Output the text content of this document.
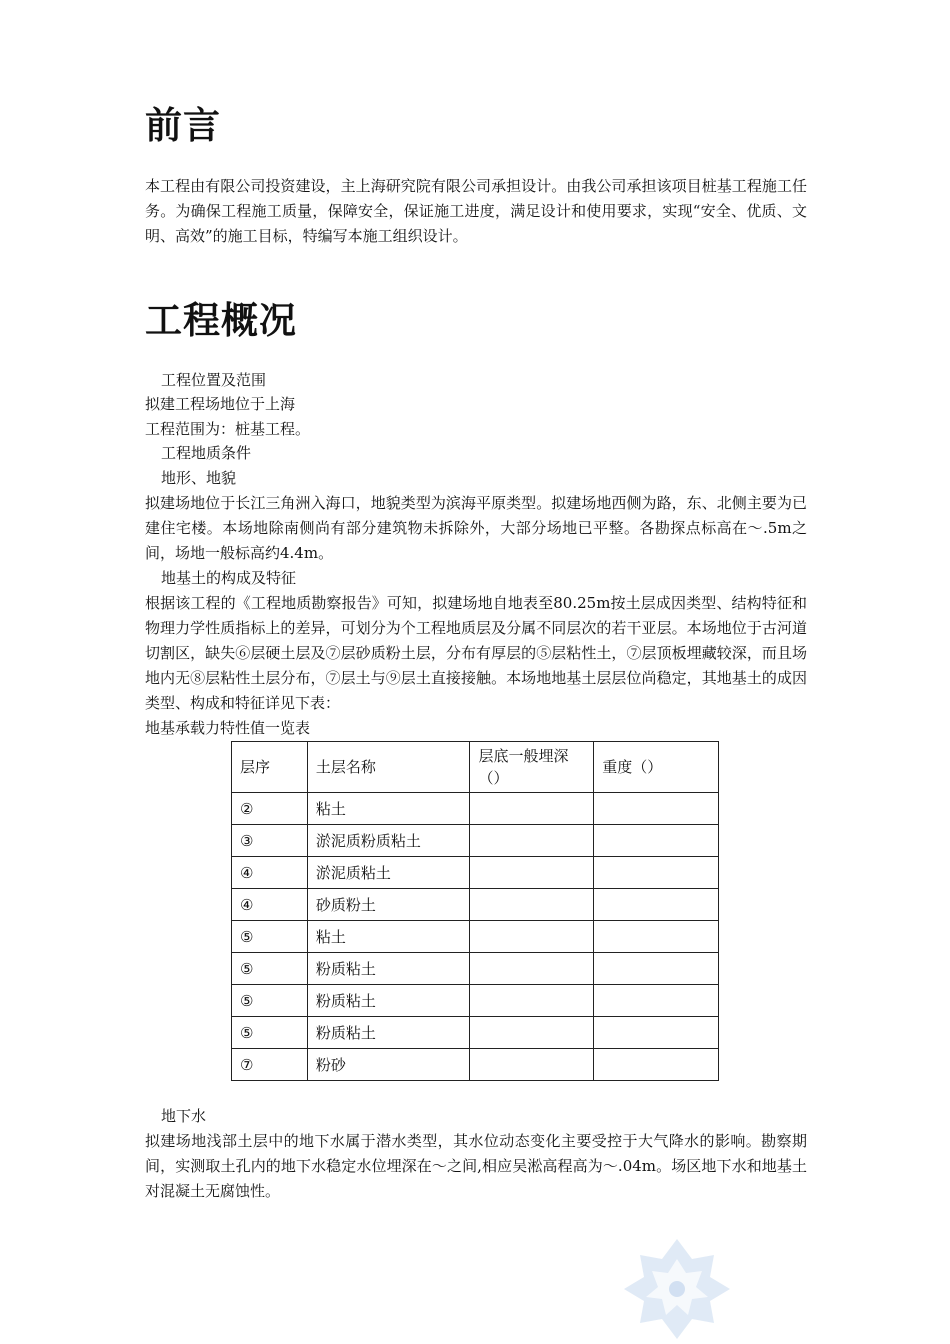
前言

本工程由有限公司投资建设，主上海研究院有限公司承担设计。由我公司承担该项目桩基工程施工任务。为确保工程施工质量，保障安全，保证施工进度，满足设计和使用要求，实现“安全、优质、文明、高效”的施工目标，特编写本施工组织设计。

工程概况

工程位置及范围

拟建工程场地位于上海

工程范围为：桩基工程。

工程地质条件

地形、地貌

拟建场地位于长江三角洲入海口，地貌类型为滨海平原类型。拟建场地西侧为路，东、北侧主要为已建住宅楼。本场地除南侧尚有部分建筑物未拆除外，大部分场地已平整。各勘探点标高在～.5m之间，场地一般标高约4.4m。

地基土的构成及特征

根据该工程的《工程地质勘察报告》可知，拟建场地自地表至80.25m按土层成因类型、结构特征和物理力学性质指标上的差异，可划分为个工程地质层及分属不同层次的若干亚层。本场地位于古河道切割区，缺失⑥层硬土层及⑦层砂质粉土层，分布有厚层的⑤层粘性土，⑦层顶板埋藏较深，而且场地内无⑧层粘性土层分布，⑦层土与⑨层土直接接触。本场地地基土层层位尚稳定，其地基土的成因类型、构成和特征详见下表：

地基承载力特性值一览表

层序	土层名称	层底一般埋深（）	重度（）
②	粘土		
③	淤泥质粉质粘土		
④	淤泥质粘土		
④	砂质粉土		
⑤	粘土		
⑤	粉质粘土		
⑤	粉质粘土		
⑤	粉质粘土		
⑦	粉砂		

地下水

拟建场地浅部土层中的地下水属于潜水类型，其水位动态变化主要受控于大气降水的影响。勘察期间，实测取土孔内的地下水稳定水位埋深在～之间,相应吴淞高程高为～.04m。场区地下水和地基土对混凝土无腐蚀性。
